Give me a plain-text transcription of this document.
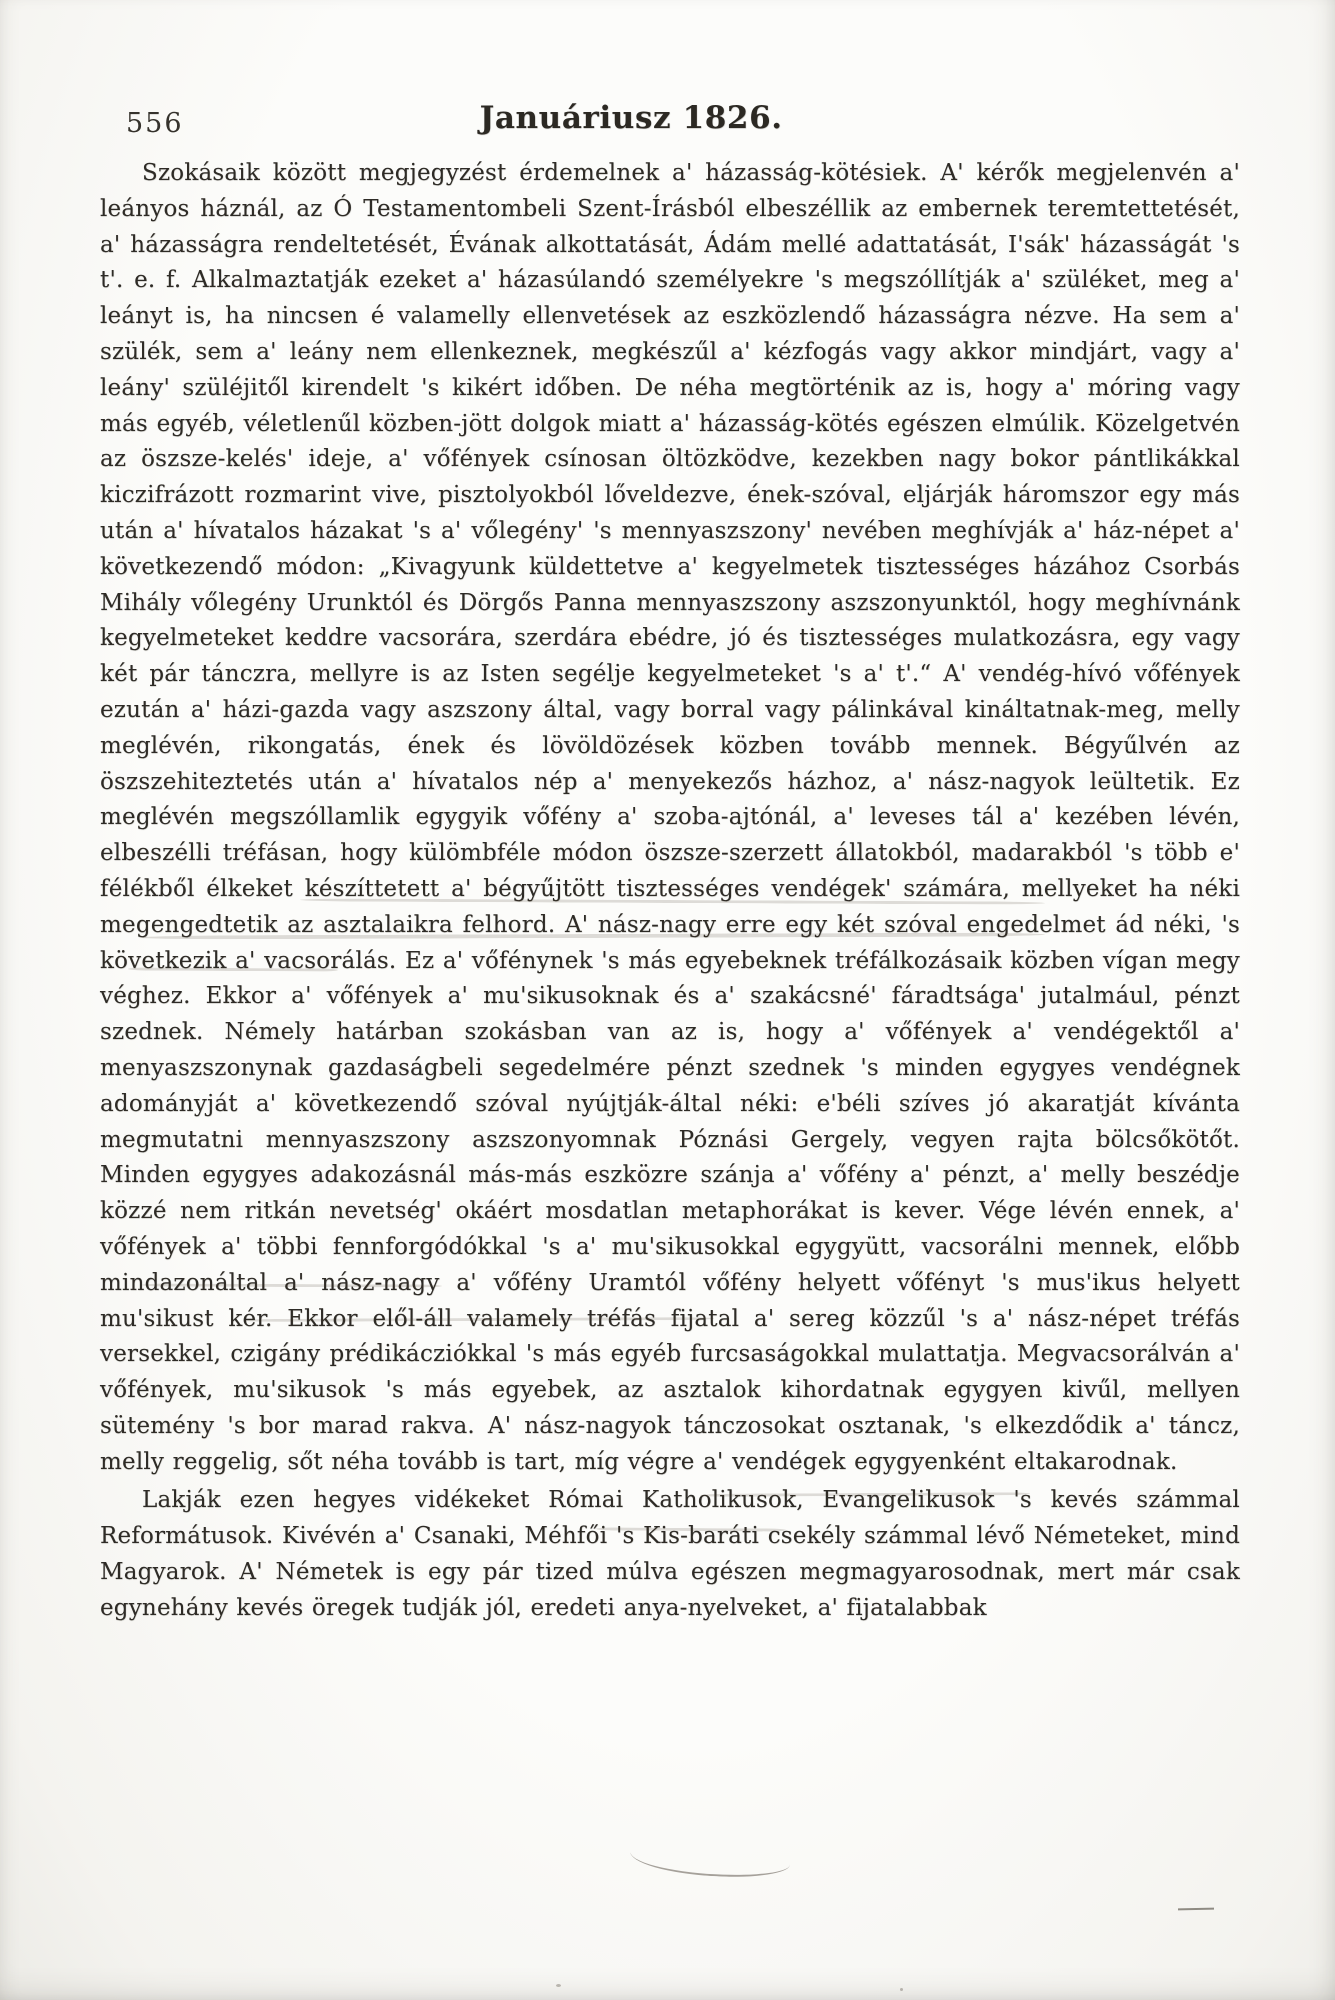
556	Januáriusz 1826.

Szokásaik között megjegyzést érdemelnek a' házasság-kötésiek. A' kérők megjelenvén a' leányos háznál, az Ó Testamentombeli Szent-Írásból elbeszéllik az embernek teremtettetését, a' házasságra rendeltetését, Évának alkottatását, Ádám mellé adattatását, I'sák' házasságát 's t'. e. f. Alkalmaztatják ezeket a' házasúlandó személyekre 's megszóllítják a' szüléket, meg a' leányt is, ha nincsen é valamelly ellenvetések az eszközlendő házasságra nézve. Ha sem a' szülék, sem a' leány nem ellenkeznek, megkészűl a' kézfogás vagy akkor mindjárt, vagy a' leány' szüléjitől kirendelt 's kikért időben. De néha megtörténik az is, hogy a' móring vagy más egyéb, véletlenűl közben-jött dolgok miatt a' házasság-kötés egészen elmúlik. Közelgetvén az öszsze-kelés' ideje, a' vőfények csínosan öltözködve, kezekben nagy bokor pántlikákkal kiczifrázott rozmarint vive, pisztolyokból lőveldezve, ének-szóval, eljárják háromszor egy más után a' hívatalos házakat 's a' vőlegény' 's mennyaszszony' nevében meghívják a' ház-népet a' következendő módon: „Kivagyunk küldettetve a' kegyelmetek tisztességes házához Csorbás Mihály vőlegény Urunktól és Dörgős Panna mennyaszszony aszszonyunktól, hogy meghívnánk kegyelmeteket keddre vacsorára, szerdára ebédre, jó és tisztességes mulatkozásra, egy vagy két pár tánczra, mellyre is az Isten segélje kegyelmeteket 's a' t'.“ A' vendég-hívó vőfények ezután a' házi-gazda vagy aszszony által, vagy borral vagy pálinkával kináltatnak-meg, melly meglévén, rikongatás, ének és lövöldözések közben tovább mennek. Bégyűlvén az öszszehiteztetés után a' hívatalos nép a' menyekezős házhoz, a' nász-nagyok leültetik. Ez meglévén megszóllamlik egygyik vőfény a' szoba-ajtónál, a' leveses tál a' kezében lévén, elbeszélli tréfásan, hogy külömbféle módon öszsze-szerzett állatokból, madarakból 's több e' félékből élkeket készíttetett a' bégyűjtött tisztességes vendégek' számára, mellyeket ha néki megengedtetik az asztalaikra felhord. A' nász-nagy erre egy két szóval engedelmet ád néki, 's következik a' vacsorálás. Ez a' vőfénynek 's más egyebeknek tréfálkozásaik közben vígan megy véghez. Ekkor a' vőfények a' mu'sikusoknak és a' szakácsné' fáradtsága' jutalmául, pénzt szednek. Némely határban szokásban van az is, hogy a' vőfények a' vendégektől a' menyaszszonynak gazdaságbeli segedelmére pénzt szednek 's minden egygyes vendégnek adományját a' következendő szóval nyújtják-által néki: e'béli szíves jó akaratját kívánta megmutatni mennyaszszony aszszonyomnak Póznási Gergely, vegyen rajta bölcsőkötőt. Minden egygyes adakozásnál más-más eszközre szánja a' vőfény a' pénzt, a' melly beszédje közzé nem ritkán nevetség' okáért mosdatlan metaphorákat is kever. Vége lévén ennek, a' vőfények a' többi fennforgódókkal 's a' mu'sikusokkal egygyütt, vacsorálni mennek, előbb mindazonáltal a' nász-nagy a' vőfény Uramtól vőfény helyett vőfényt 's mus'ikus helyett mu'sikust kér. Ekkor elől-áll valamely tréfás fijatal a' sereg közzűl 's a' nász-népet tréfás versekkel, czigány prédikácziókkal 's más egyéb furcsaságokkal mulattatja. Megvacsorálván a' vőfények, mu'sikusok 's más egyebek, az asztalok kihordatnak egygyen kivűl, mellyen sütemény 's bor marad rakva. A' nász-nagyok tánczosokat osztanak, 's elkezdődik a' táncz, melly reggelig, sőt néha tovább is tart, míg végre a' vendégek egygyenként eltakarodnak.

Lakják ezen hegyes vidékeket Római Katholikusok, Evangelikusok 's kevés számmal Reformátusok. Kivévén a' Csanaki, Méhfői 's Kis-baráti csekély számmal lévő Németeket, mind Magyarok. A' Németek is egy pár tized múlva egészen megmagyarosodnak, mert már csak egynehány kevés öregek tudják jól, eredeti anya-nyelveket, a' fijatalabbak
